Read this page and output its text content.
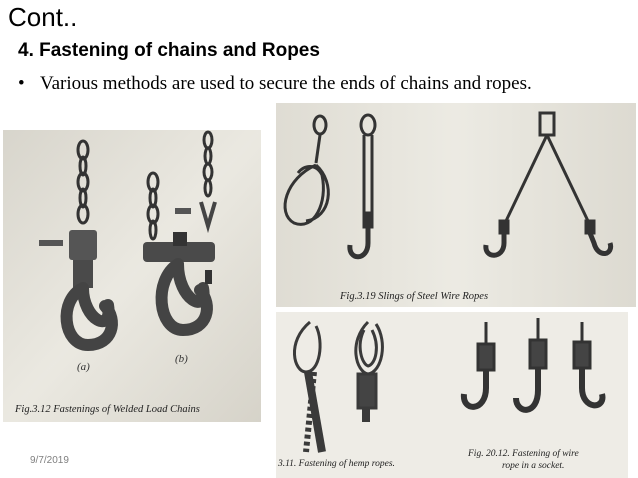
Cont..
4. Fastening of chains and Ropes
• Various methods are used to secure the ends of chains and ropes.
(a)
(b)
Fig.3.12 Fastenings of Welded Load Chains
Fig.3.19 Slings of Steel Wire Ropes
3.11. Fastening of hemp ropes.
Fig. 20.12. Fastening of wire
rope in a socket.
9/7/2019
